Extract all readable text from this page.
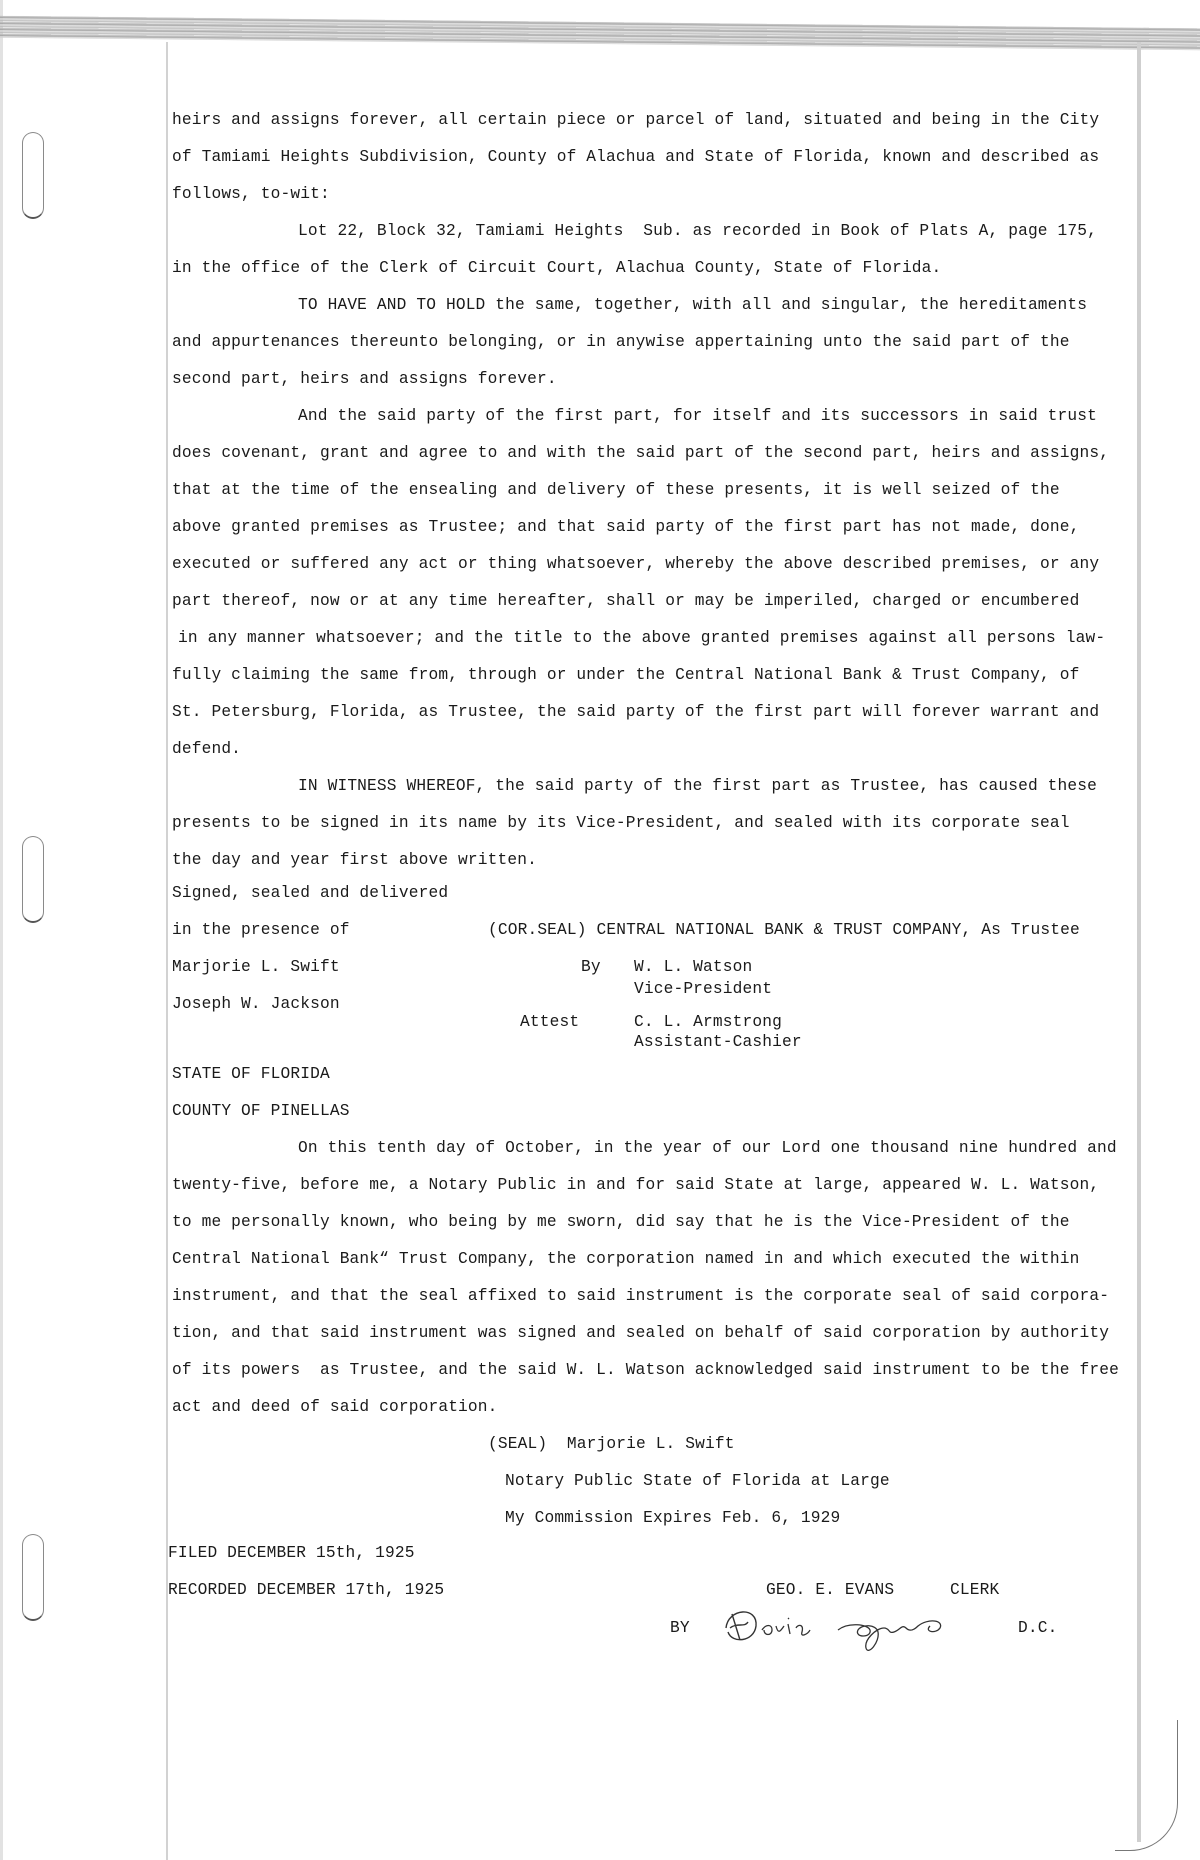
heirs and assigns forever, all certain piece or parcel of land, situated and being in the City
of Tamiami Heights Subdivision, County of Alachua and State of Florida, known and described as
follows, to-wit:
Lot 22, Block 32, Tamiami Heights  Sub. as recorded in Book of Plats A, page 175,
in the office of the Clerk of Circuit Court, Alachua County, State of Florida.
TO HAVE AND TO HOLD the same, together, with all and singular, the hereditaments
and appurtenances thereunto belonging, or in anywise appertaining unto the said part of the
second part, heirs and assigns forever.
And the said party of the first part, for itself and its successors in said trust
does covenant, grant and agree to and with the said part of the second part, heirs and assigns,
that at the time of the ensealing and delivery of these presents, it is well seized of the
above granted premises as Trustee; and that said party of the first part has not made, done,
executed or suffered any act or thing whatsoever, whereby the above described premises, or any
part thereof, now or at any time hereafter, shall or may be imperiled, charged or encumbered
in any manner whatsoever; and the title to the above granted premises against all persons law-
fully claiming the same from, through or under the Central National Bank & Trust Company, of
St. Petersburg, Florida, as Trustee, the said party of the first part will forever warrant and
defend.
IN WITNESS WHEREOF, the said party of the first part as Trustee, has caused these
presents to be signed in its name by its Vice-President, and sealed with its corporate seal
the day and year first above written.
Signed, sealed and delivered
in the presence of
Marjorie L. Swift
Joseph W. Jackson
(COR.SEAL) CENTRAL NATIONAL BANK & TRUST COMPANY, As Trustee
By W. L. Watson
Vice-President
Attest	C. L. Armstrong
Assistant-Cashier
STATE OF FLORIDA
COUNTY OF PINELLAS
On this tenth day of October, in the year of our Lord one thousand nine hundred and
twenty-five, before me, a Notary Public in and for said State at large, appeared W. L. Watson,
to me personally known, who being by me sworn, did say that he is the Vice-President of the
Central National Bank“ Trust Company, the corporation named in and which executed the within
instrument, and that the seal affixed to said instrument is the corporate seal of said corpora-
tion, and that said instrument was signed and sealed on behalf of said corporation by authority
of its powers  as Trustee, and the said W. L. Watson acknowledged said instrument to be the free
act and deed of said corporation.
(SEAL)  Marjorie L. Swift
Notary Public State of Florida at Large
My Commission Expires Feb. 6, 1929
FILED DECEMBER 15th, 1925
RECORDED DECEMBER 17th, 1925	GEO. E. EVANS	CLERK
BY	D.C.
